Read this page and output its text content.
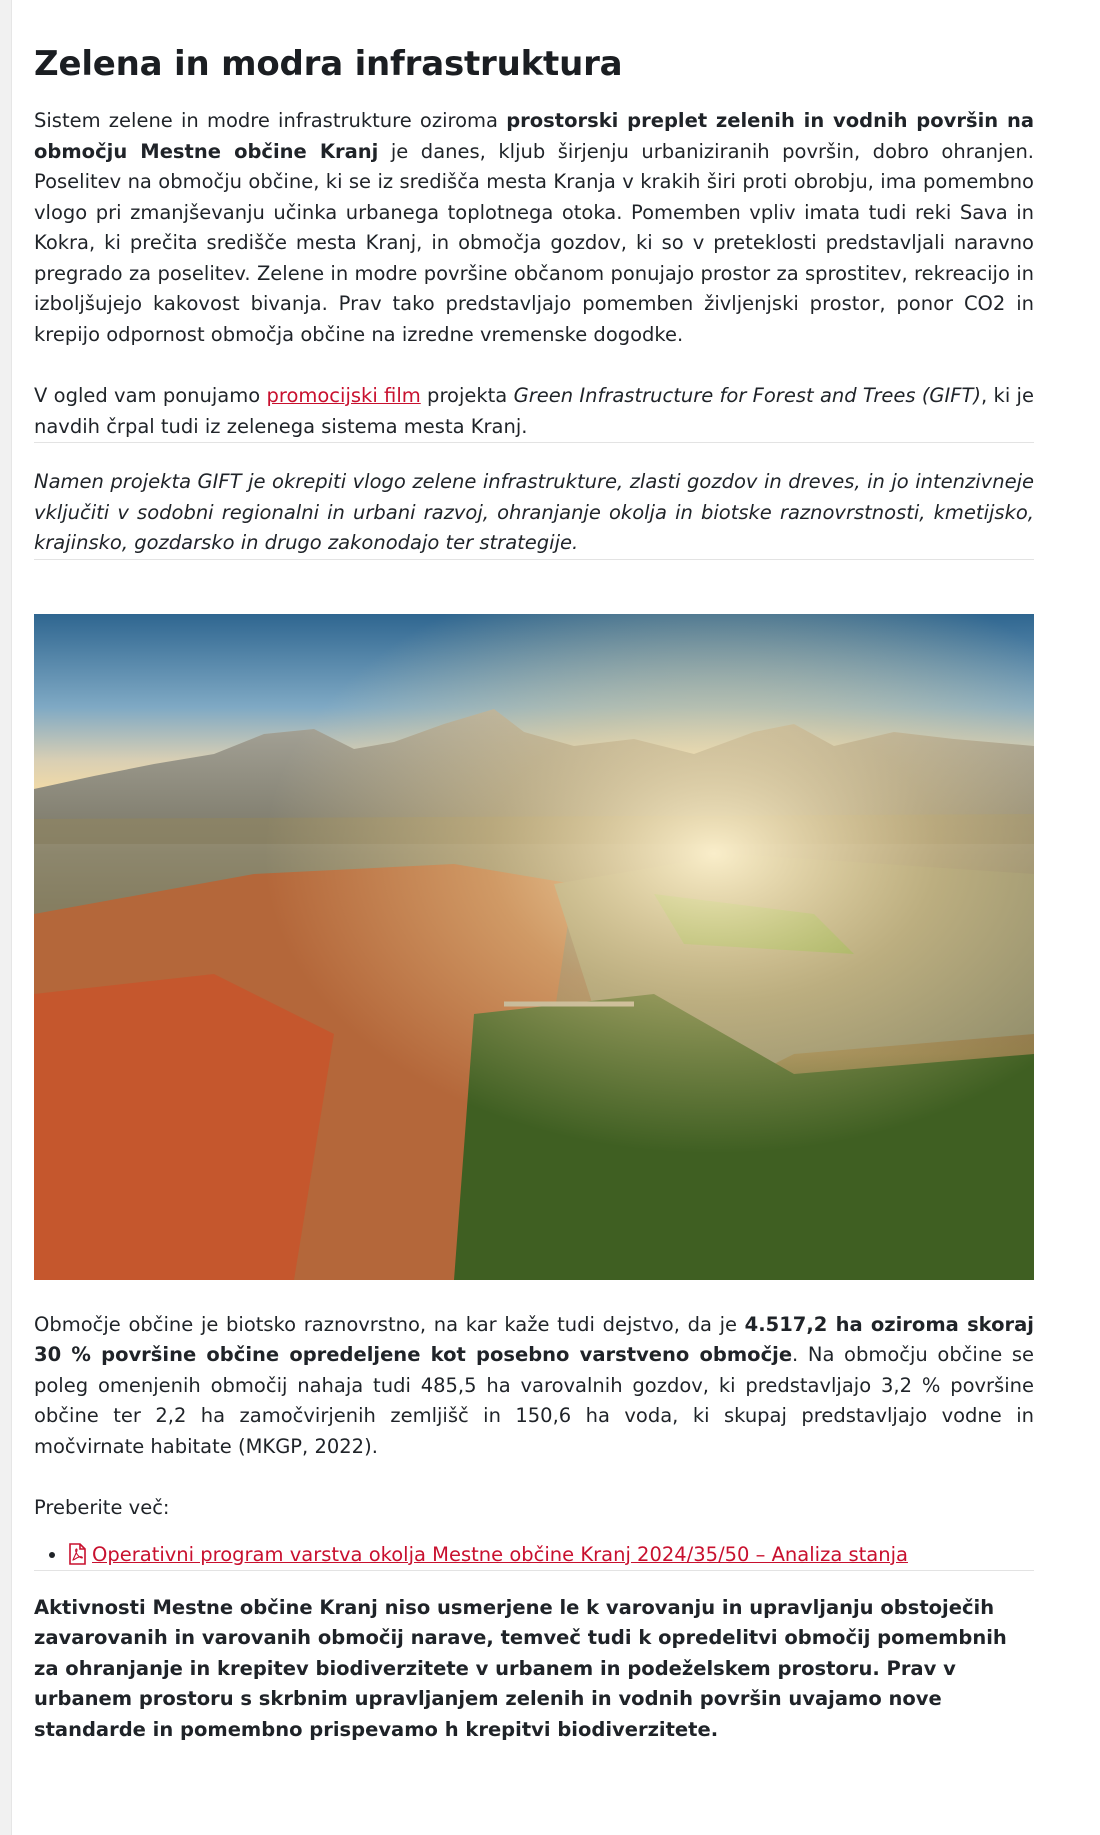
Zelena in modra infrastruktura

Sistem zelene in modre infrastrukture oziroma prostorski preplet zelenih in vodnih površin na območju Mestne občine Kranj je danes, kljub širjenju urbaniziranih površin, dobro ohranjen. Poselitev na območju občine, ki se iz središča mesta Kranja v krakih širi proti obrobju, ima pomembno vlogo pri zmanjševanju učinka urbanega toplotnega otoka. Pomemben vpliv imata tudi reki Sava in Kokra, ki prečita središče mesta Kranj, in območja gozdov, ki so v preteklosti predstavljali naravno pregrado za poselitev. Zelene in modre površine občanom ponujajo prostor za sprostitev, rekreacijo in izboljšujejo kakovost bivanja. Prav tako predstavljajo pomemben življenjski prostor, ponor CO2 in krepijo odpornost območja občine na izredne vremenske dogodke.

V ogled vam ponujamo promocijski film projekta Green Infrastructure for Forest and Trees (GIFT), ki je navdih črpal tudi iz zelenega sistema mesta Kranj.

Namen projekta GIFT je okrepiti vlogo zelene infrastrukture, zlasti gozdov in dreves, in jo intenzivneje vključiti v sodobni regionalni in urbani razvoj, ohranjanje okolja in biotske raznovrstnosti, kmetijsko, krajinsko, gozdarsko in drugo zakonodajo ter strategije.

Območje občine je biotsko raznovrstno, na kar kaže tudi dejstvo, da je 4.517,2 ha oziroma skoraj 30 % površine občine opredeljene kot posebno varstveno območje. Na območju občine se poleg omenjenih območij nahaja tudi 485,5 ha varovalnih gozdov, ki predstavljajo 3,2 % površine občine ter 2,2 ha zamočvirjenih zemljišč in 150,6 ha voda, ki skupaj predstavljajo vodne in močvirnate habitate (MKGP, 2022).

Preberite več:

• Operativni program varstva okolja Mestne občine Kranj 2024/35/50 – Analiza stanja

Aktivnosti Mestne občine Kranj niso usmerjene le k varovanju in upravljanju obstoječih zavarovanih in varovanih območij narave, temveč tudi k opredelitvi območij pomembnih za ohranjanje in krepitev biodiverzitete v urbanem in podeželskem prostoru. Prav v urbanem prostoru s skrbnim upravljanjem zelenih in vodnih površin uvajamo nove standarde in pomembno prispevamo h krepitvi biodiverzitete.
